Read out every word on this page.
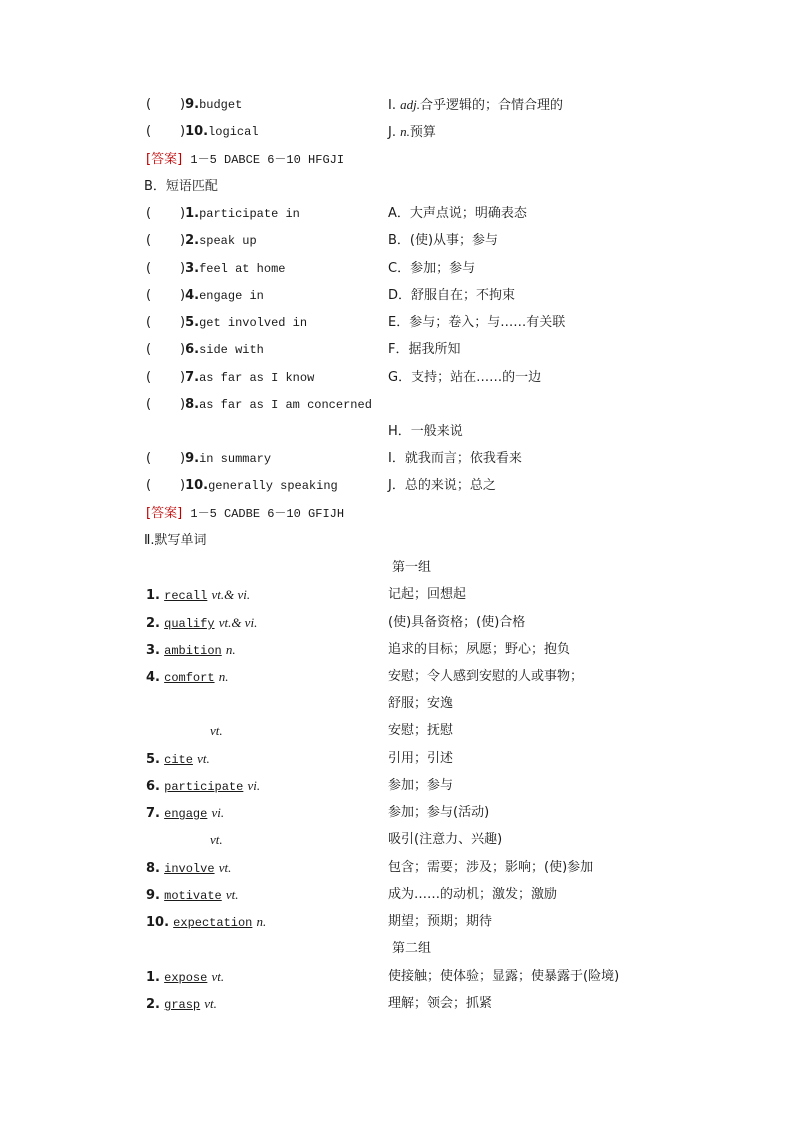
( )9.budget	I. adj.合乎逻辑的；合情合理的
( )10.logical	J. n.预算
[答案] 1－5 DABCE 6－10 HFGJI
B．短语匹配
( )1.participate in	A．大声点说；明确表态
( )2.speak up	B．(使)从事；参与
( )3.feel at home	C．参加；参与
( )4.engage in	D．舒服自在；不拘束
( )5.get involved in	E．参与；卷入；与……有关联
( )6.side with	F．据我所知
( )7.as far as I know	G．支持；站在……的一边
( )8.as far as I am concerned
H．一般来说
( )9.in summary	I．就我而言；依我看来
( )10.generally speaking	J．总的来说；总之
[答案] 1－5 CADBE 6－10 GFIJH
Ⅱ.默写单词
第一组
1. recall vt.& vi.	记起；回想起
2. qualify vt.& vi.	(使)具备资格；(使)合格
3. ambition n.	追求的目标；夙愿；野心；抱负
4. comfort n.	安慰；令人感到安慰的人或事物；
舒服；安逸
vt.	安慰；抚慰
5. cite vt.	引用；引述
6. participate vi.	参加；参与
7. engage vi.	参加；参与(活动)
vt.	吸引(注意力、兴趣)
8. involve vt.	包含；需要；涉及；影响；(使)参加
9. motivate vt.	成为……的动机；激发；激励
10. expectation n.	期望；预期；期待
第二组
1. expose vt.	使接触；使体验；显露；使暴露于(险境)
2. grasp vt.	理解；领会；抓紧
